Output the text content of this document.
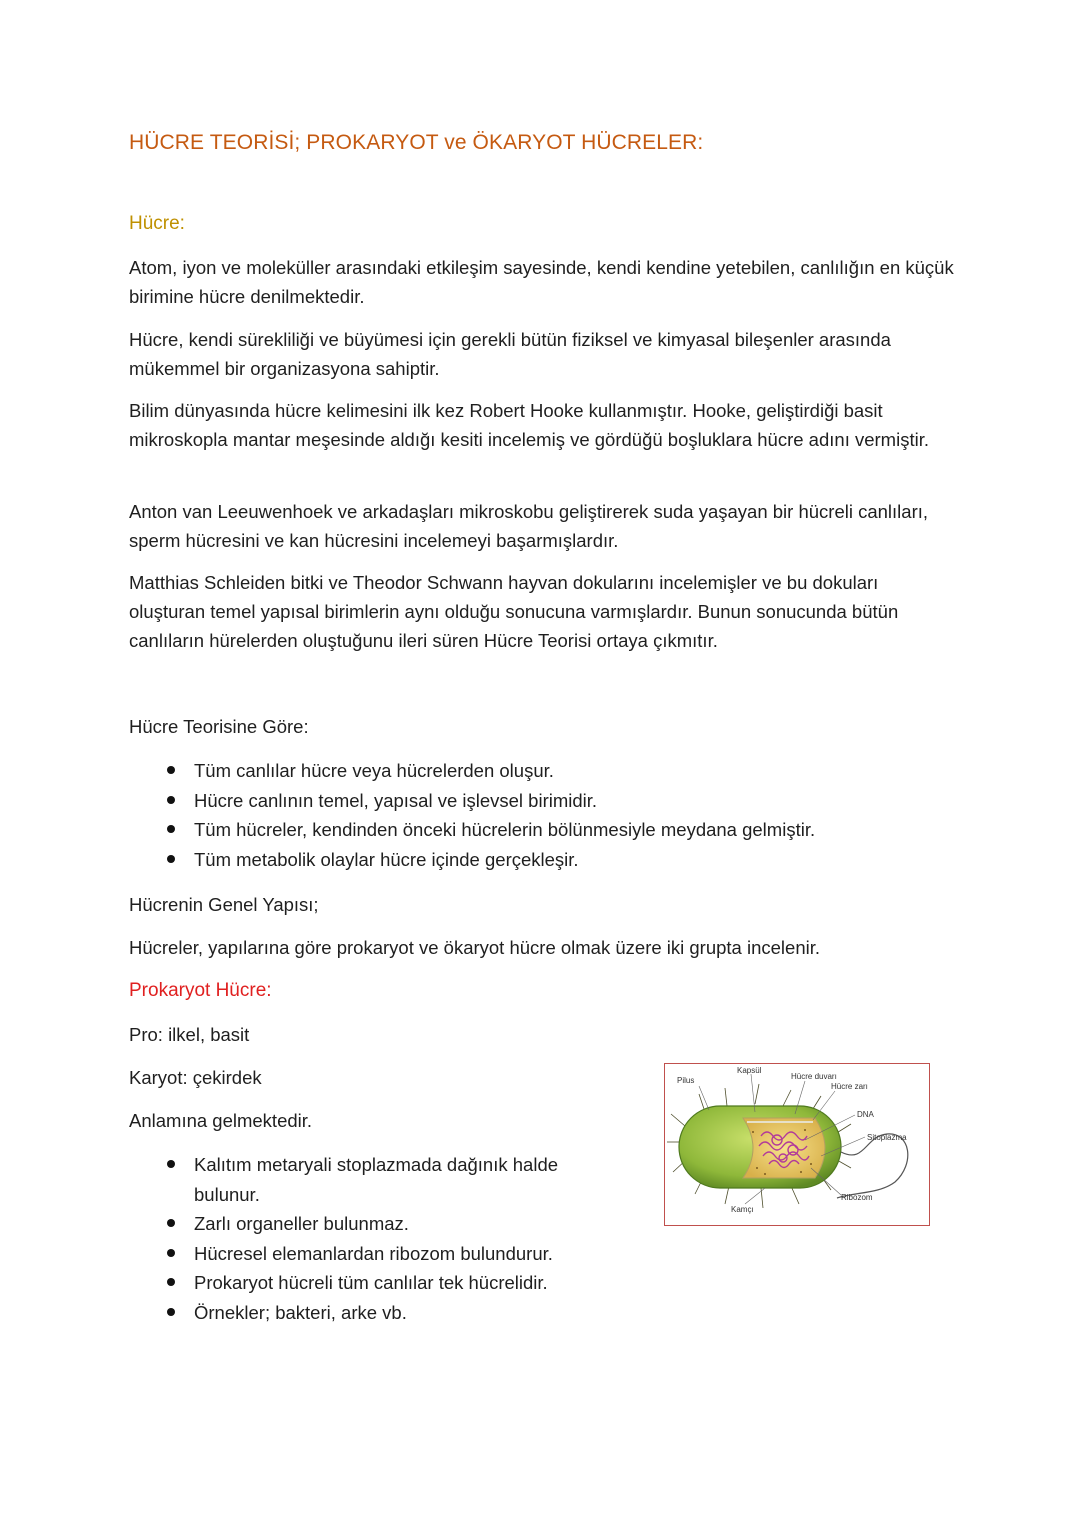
HÜCRE TEORİSİ; PROKARYOT ve ÖKARYOT HÜCRELER:
Hücre:
Atom, iyon ve moleküller arasındaki etkileşim sayesinde, kendi kendine yetebilen, canlılığın en küçük birimine hücre denilmektedir.
Hücre, kendi sürekliliği ve büyümesi için gerekli bütün fiziksel ve kimyasal bileşenler arasında mükemmel bir organizasyona sahiptir.
Bilim dünyasında hücre kelimesini ilk kez Robert Hooke kullanmıştır. Hooke, geliştirdiği basit mikroskopla mantar meşesinde aldığı kesiti incelemiş ve gördüğü boşluklara hücre adını vermiştir.
Anton van Leeuwenhoek ve arkadaşları mikroskobu geliştirerek suda yaşayan bir hücreli canlıları, sperm hücresini ve kan hücresini incelemeyi başarmışlardır.
Matthias Schleiden bitki ve Theodor Schwann hayvan dokularını incelemişler ve bu dokuları oluşturan temel yapısal birimlerin aynı olduğu sonucuna varmışlardır. Bunun sonucunda bütün canlıların hürelerden oluştuğunu ileri süren Hücre Teorisi ortaya çıkmıtır.
Hücre Teorisine Göre:
Tüm canlılar hücre veya hücrelerden oluşur.
Hücre canlının temel, yapısal ve işlevsel birimidir.
Tüm hücreler, kendinden önceki hücrelerin bölünmesiyle meydana gelmiştir.
Tüm metabolik olaylar hücre içinde gerçekleşir.
Hücrenin Genel Yapısı;
Hücreler, yapılarına göre prokaryot ve ökaryot hücre olmak üzere iki grupta incelenir.
Prokaryot Hücre:
Pro: ilkel, basit
Karyot: çekirdek
Anlamına gelmektedir.
Kalıtım metaryali stoplazmada dağınık halde bulunur.
Zarlı organeller bulunmaz.
Hücresel elemanlardan ribozom bulundurur.
Prokaryot hücreli tüm canlılar tek hücrelidir.
Örnekler; bakteri, arke vb.
Pilus
Kapsül
Hücre duvarı
Hücre zarı
DNA
Sitoplazma
Ribozom
Kamçı
